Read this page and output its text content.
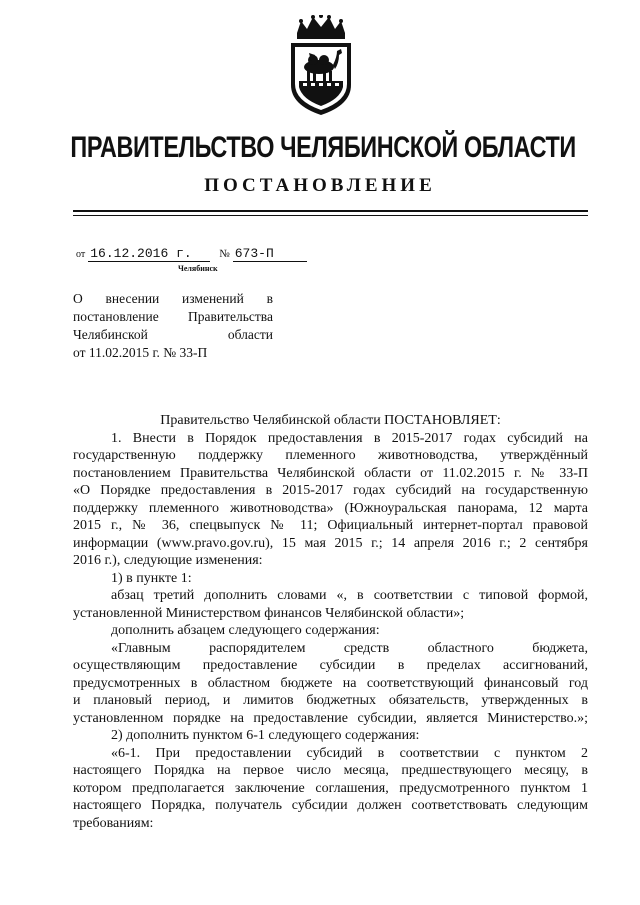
ПРАВИТЕЛЬСТВО ЧЕЛЯБИНСКОЙ ОБЛАСТИ
ПОСТАНОВЛЕНИЕ
от 16.12.2016 г.	№ 673-П
Челябинск
О внесении изменений в
постановление Правительства
Челябинской области
от 11.02.2015 г. № 33-П

Правительство Челябинской области ПОСТАНОВЛЯЕТ:

1. Внести в Порядок предоставления в 2015-2017 годах субсидий на

государственную поддержку племенного животноводства, утверждённый

постановлением Правительства Челябинской области от 11.02.2015 г. № 33-П

«О Порядке предоставления в 2015-2017 годах субсидий на государственную

поддержку племенного животноводства» (Южноуральская панорама, 12 марта

2015 г., № 36, спецвыпуск № 11; Официальный интернет-портал правовой

информации (www.pravo.gov.ru), 15 мая 2015 г.; 14 апреля 2016 г.; 2 сентября

2016 г.), следующие изменения:

1) в пункте 1:

абзац третий дополнить словами «, в соответствии с типовой формой,

установленной Министерством финансов Челябинской области»;

дополнить абзацем следующего содержания:

«Главным распорядителем средств областного бюджета,

осуществляющим предоставление субсидии в пределах ассигнований,

предусмотренных в областном бюджете на соответствующий финансовый год

и плановый период, и лимитов бюджетных обязательств, утвержденных в

установленном порядке на предоставление субсидии, является Министерство.»;

2) дополнить пунктом 6-1 следующего содержания:

«6-1. При предоставлении субсидий в соответствии с пунктом 2

настоящего Порядка на первое число месяца, предшествующего месяцу, в

котором предполагается заключение соглашения, предусмотренного пунктом 1

настоящего Порядка, получатель субсидии должен соответствовать следующим

требованиям:
